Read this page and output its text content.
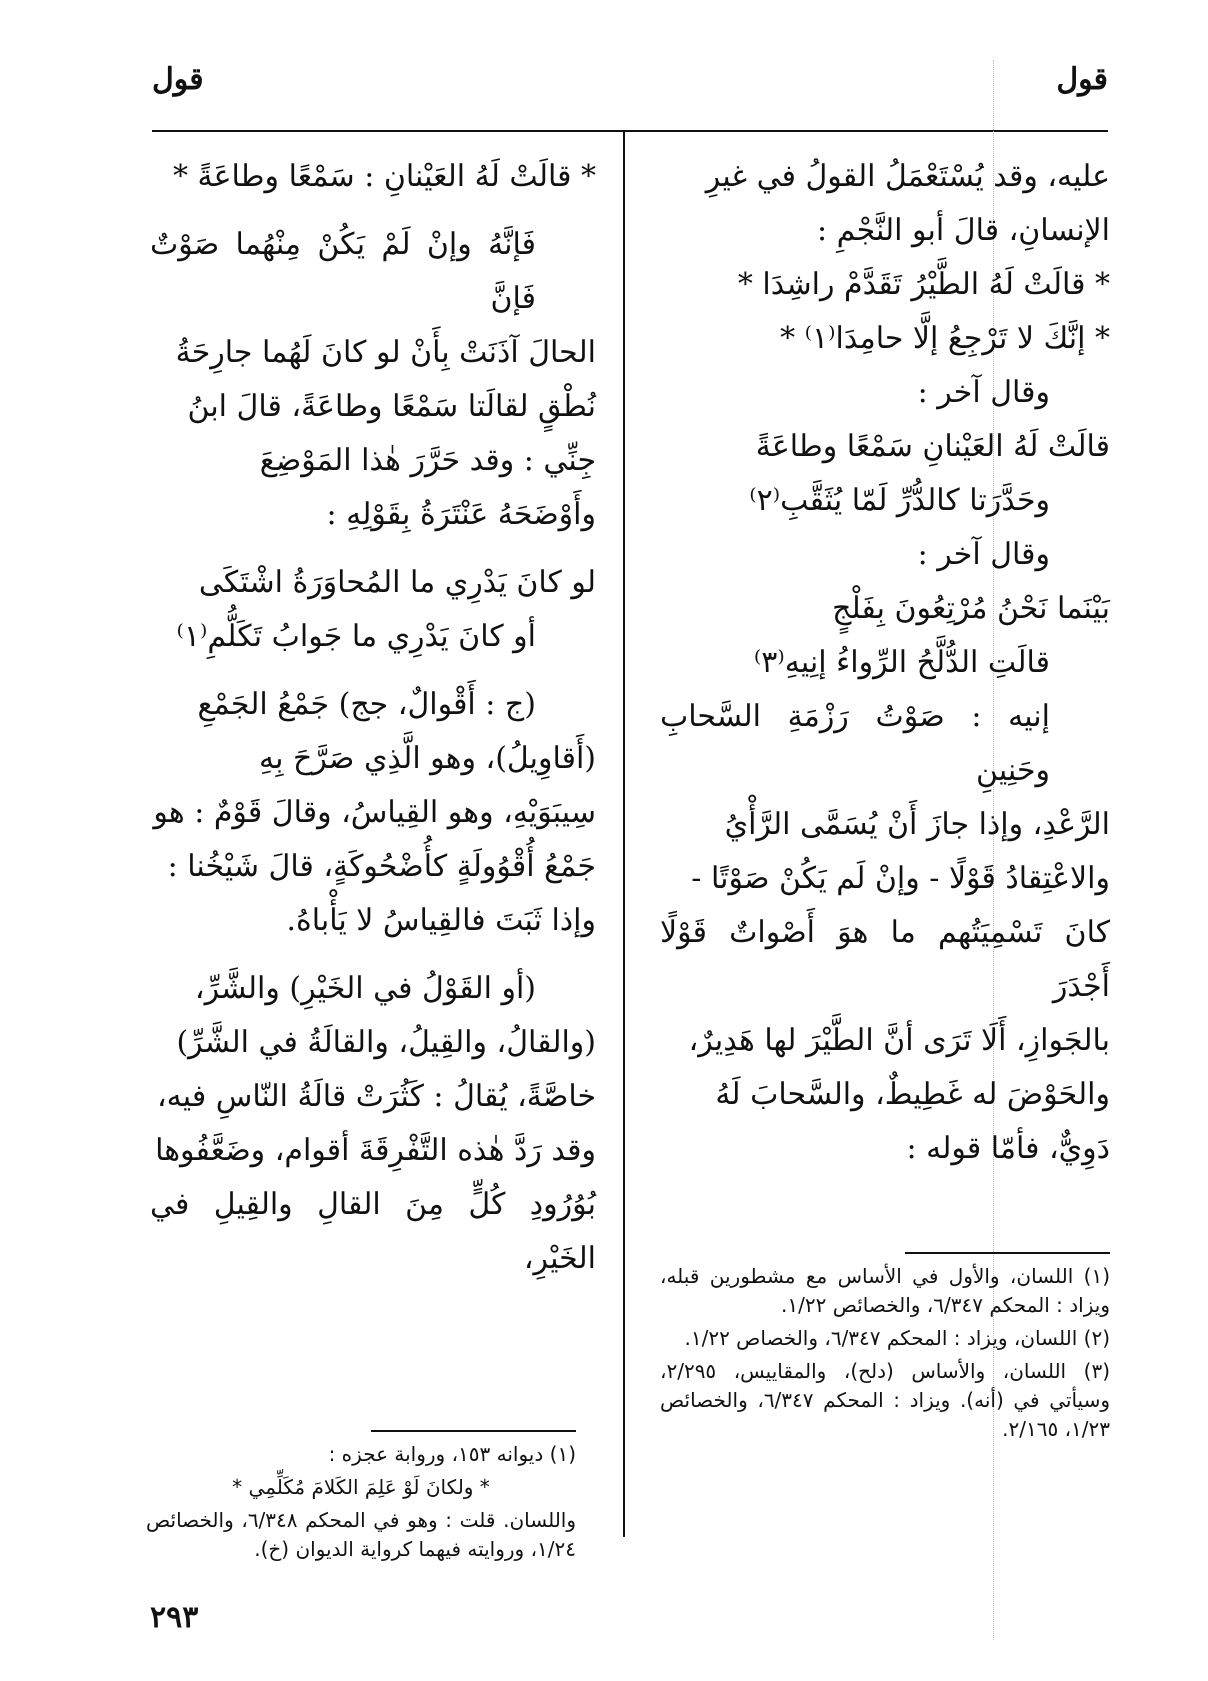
قول
قول

عليه، وقد يُسْتَعْمَلُ القولُ في غيرِ

الإنسانِ، قالَ أبو النَّجْمِ :

* قالَتْ لَهُ الطَّيْرُ تَقَدَّمْ راشِدَا *

* إنَّكَ لا تَرْجِعُ إلَّا حامِدَا⁽١⁾ *

وقال آخر :

قالَتْ لَهُ العَيْنانِ سَمْعًا وطاعَةً

وحَدَّرَتا كالدُّرِّ لَمّا يُثَقَّبِ⁽٢⁾

وقال آخر :

بَيْنَما نَحْنُ مُرْتِعُونَ بِفَلْجٍ

قالَتِ الدُّلَّحُ الرِّواءُ إنِيهِ⁽٣⁾

إنيه : صَوْتُ رَزْمَةِ السَّحابِ وحَنِينِ

الرَّعْدِ، وإذا جازَ أَنْ يُسَمَّى الرَّأْيُ

والاعْتِقادُ قَوْلًا - وإنْ لَم يَكُنْ صَوْتًا -

كانَ تَسْمِيَتُهم ما هوَ أَصْواتٌ قَوْلًا أَجْدَرَ

بالجَوازِ، أَلَا تَرَى أنَّ الطَّيْرَ لها هَدِيرٌ،

والحَوْضَ له غَطِيطٌ، والسَّحابَ لَهُ

دَوِيٌّ، فأمّا قوله :

* قالَتْ لَهُ العَيْنانِ : سَمْعًا وطاعَةً *

فَإنَّهُ وإنْ لَمْ يَكُنْ مِنْهُما صَوْتٌ فَإنَّ

الحالَ آذَنَتْ بِأَنْ لو كانَ لَهُما جارِحَةُ

نُطْقٍ لقالَتا سَمْعًا وطاعَةً، قالَ ابنُ

جِنِّي : وقد حَرَّرَ هٰذا المَوْضِعَ

وأَوْضَحَهُ عَنْتَرَةُ بِقَوْلِهِ :

لو كانَ يَدْرِي ما المُحاوَرَةُ اشْتَكَى

أو كانَ يَدْرِي ما جَوابُ تَكَلُّمِ⁽١⁾

(ج : أَقْوالٌ، جج) جَمْعُ الجَمْعِ

(أَقاوِيلُ)، وهو الَّذِي صَرَّحَ بِهِ

سِيبَوَيْهِ، وهو القِياسُ، وقالَ قَوْمٌ : هو

جَمْعُ أُقْوُولَةٍ كأُضْحُوكَةٍ، قالَ شَيْخُنا :

وإذا ثَبَتَ فالقِياسُ لا يَأْباهُ.

(أو القَوْلُ في الخَيْرِ) والشَّرِّ،

(والقالُ، والقِيلُ، والقالَةُ في الشَّرِّ)

خاصَّةً، يُقالُ : كَثُرَتْ قالَةُ النّاسِ فيه،

وقد رَدَّ هٰذه التَّفْرِقَةَ أقوام، وضَعَّفُوها

بُوُرُودِ كُلٍّ مِنَ القالِ والقِيلِ في الخَيْرِ،	(١) اللسان، والأول في الأساس مع مشطورين قبله، ويزاد : المحكم ٦/٣٤٧، والخصائص ١/٢٢.

(٢) اللسان، ويزاد : المحكم ٦/٣٤٧، والخصاص ١/٢٢.

(٣) اللسان، والأساس (دلح)، والمقاييس، ٢/٢٩٥، وسيأتي في (أنه). ويزاد : المحكم ٦/٣٤٧، والخصائص ١/٢٣، ٢/١٦٥.

(١) ديوانه ١٥٣، وروابة عجزه :

* ولكانَ لَوْ عَلِمَ الكَلامَ مُكَلِّمِي *

واللسان. قلت : وهو في المحكم ٦/٣٤٨، والخصائص ١/٢٤، وروايته فيهما كرواية الديوان (خ).

٢٩٣
